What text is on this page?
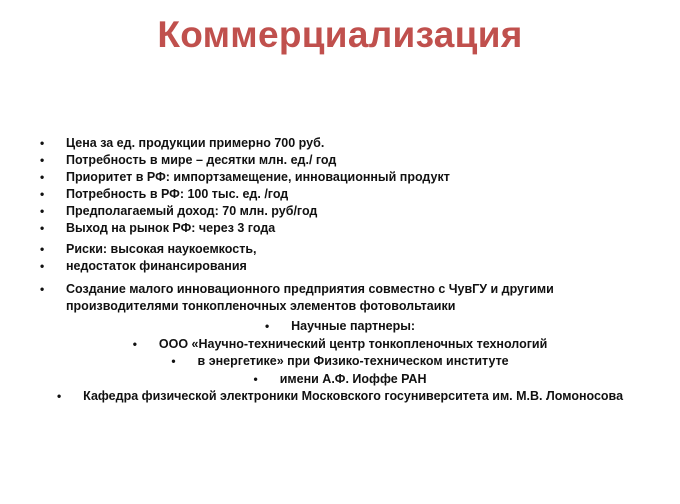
Коммерциализация
• Цена за ед. продукции примерно 700 руб.
• Потребность в мире – десятки млн. ед./ год
• Приоритет в РФ: импортзамещение, инновационный продукт
• Потребность в РФ: 100 тыс. ед. /год
• Предполагаемый доход: 70 млн. руб/год
• Выход на рынок РФ: через 3 года
• Риски: высокая наукоемкость,
• недостаток финансирования
• Создание малого инновационного предприятия совместно с ЧувГУ и другими производителями тонкопленочных элементов фотовольтаики
• Научные партнеры:
• ООО «Научно-технический центр тонкопленочных технологий
• в энергетике» при Физико-техническом институте
• имени А.Ф. Иоффе РАН
• Кафедра физической электроники Московского госуниверситета им. М.В. Ломоносова
